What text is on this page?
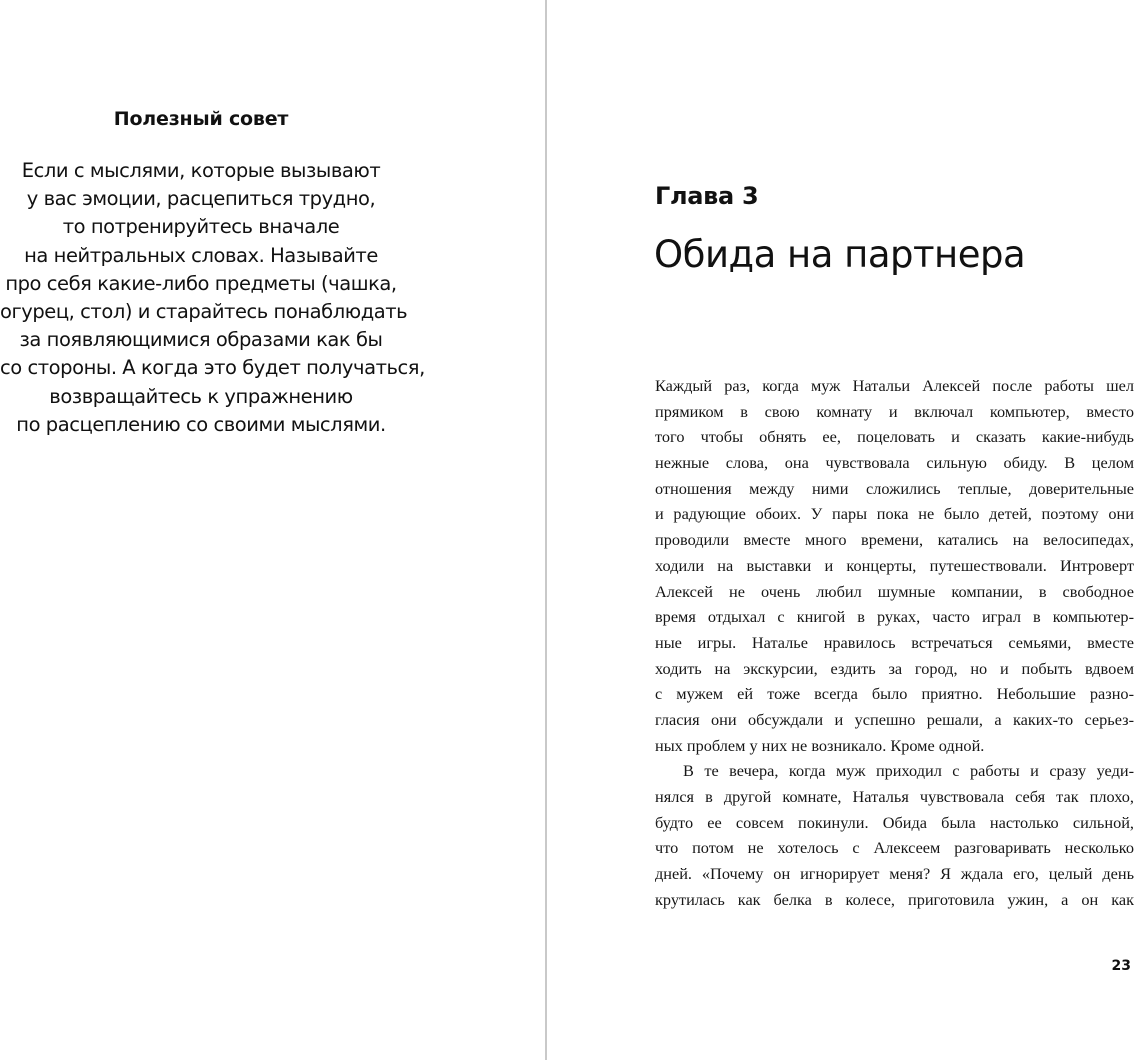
Полезный совет

Если с мыслями, которые вызывают
у вас эмоции, расцепиться трудно,
то потренируйтесь вначале
на нейтральных словах. Называйте
про себя какие-либо предметы (чашка,
огурец, стол) и старайтесь понаблюдать
за появляющимися образами как бы
со стороны. А когда это будет получаться,
возвращайтесь к упражнению
по расцеплению со своими мыслями.

Глава 3
Обида на партнера

Каждый раз, когда муж Натальи Алексей после работы шел
прямиком в свою комнату и включал компьютер, вместо
того чтобы обнять ее, поцеловать и сказать какие-нибудь
нежные слова, она чувствовала сильную обиду. В целом
отношения между ними сложились теплые, доверительные
и радующие обоих. У пары пока не было детей, поэтому они
проводили вместе много времени, катались на велосипедах,
ходили на выставки и концерты, путешествовали. Интроверт
Алексей не очень любил шумные компании, в свободное
время отдыхал с книгой в руках, часто играл в компьютер-
ные игры. Наталье нравилось встречаться семьями, вместе
ходить на экскурсии, ездить за город, но и побыть вдвоем
с мужем ей тоже всегда было приятно. Небольшие разно-
гласия они обсуждали и успешно решали, а каких-то серьез-
ных проблем у них не возникало. Кроме одной.

В те вечера, когда муж приходил с работы и сразу уеди-
нялся в другой комнате, Наталья чувствовала себя так плохо,
будто ее совсем покинули. Обида была настолько сильной,
что потом не хотелось с Алексеем разговаривать несколько
дней. «Почему он игнорирует меня? Я ждала его, целый день
крутилась как белка в колесе, приготовила ужин, а он как

23
